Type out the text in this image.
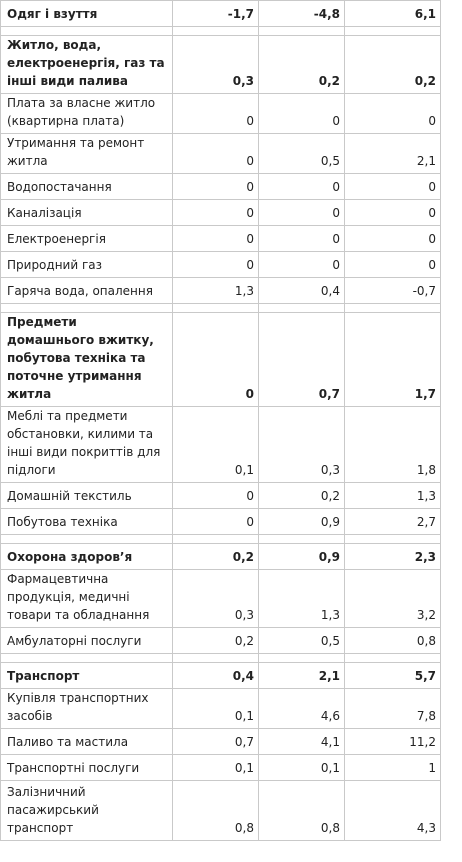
Одяг і взуття	-1,7	-4,8	6,1

Житло, вода, електроенергія, газ та інші види палива	0,3	0,2	0,2
Плата за власне житло (квартирна плата)	0	0	0
Утримання та ремонт житла	0	0,5	2,1
Водопостачання	0	0	0
Каналізація	0	0	0
Електроенергія	0	0	0
Природний газ	0	0	0
Гаряча вода, опалення	1,3	0,4	-0,7

Предмети домашнього вжитку, побутова техніка та поточне утримання житла	0	0,7	1,7
Меблі та предмети обстановки, килими та інші види покриттів для підлоги	0,1	0,3	1,8
Домашній текстиль	0	0,2	1,3
Побутова техніка	0	0,9	2,7

Охорона здоров’я	0,2	0,9	2,3
Фармацевтична продукція, медичні товари та обладнання	0,3	1,3	3,2
Амбулаторні послуги	0,2	0,5	0,8

Транспорт	0,4	2,1	5,7
Купівля транспортних засобів	0,1	4,6	7,8
Паливо та мастила	0,7	4,1	11,2
Транспортні послуги	0,1	0,1	1
Залізничний пасажирський транспорт	0,8	0,8	4,3
